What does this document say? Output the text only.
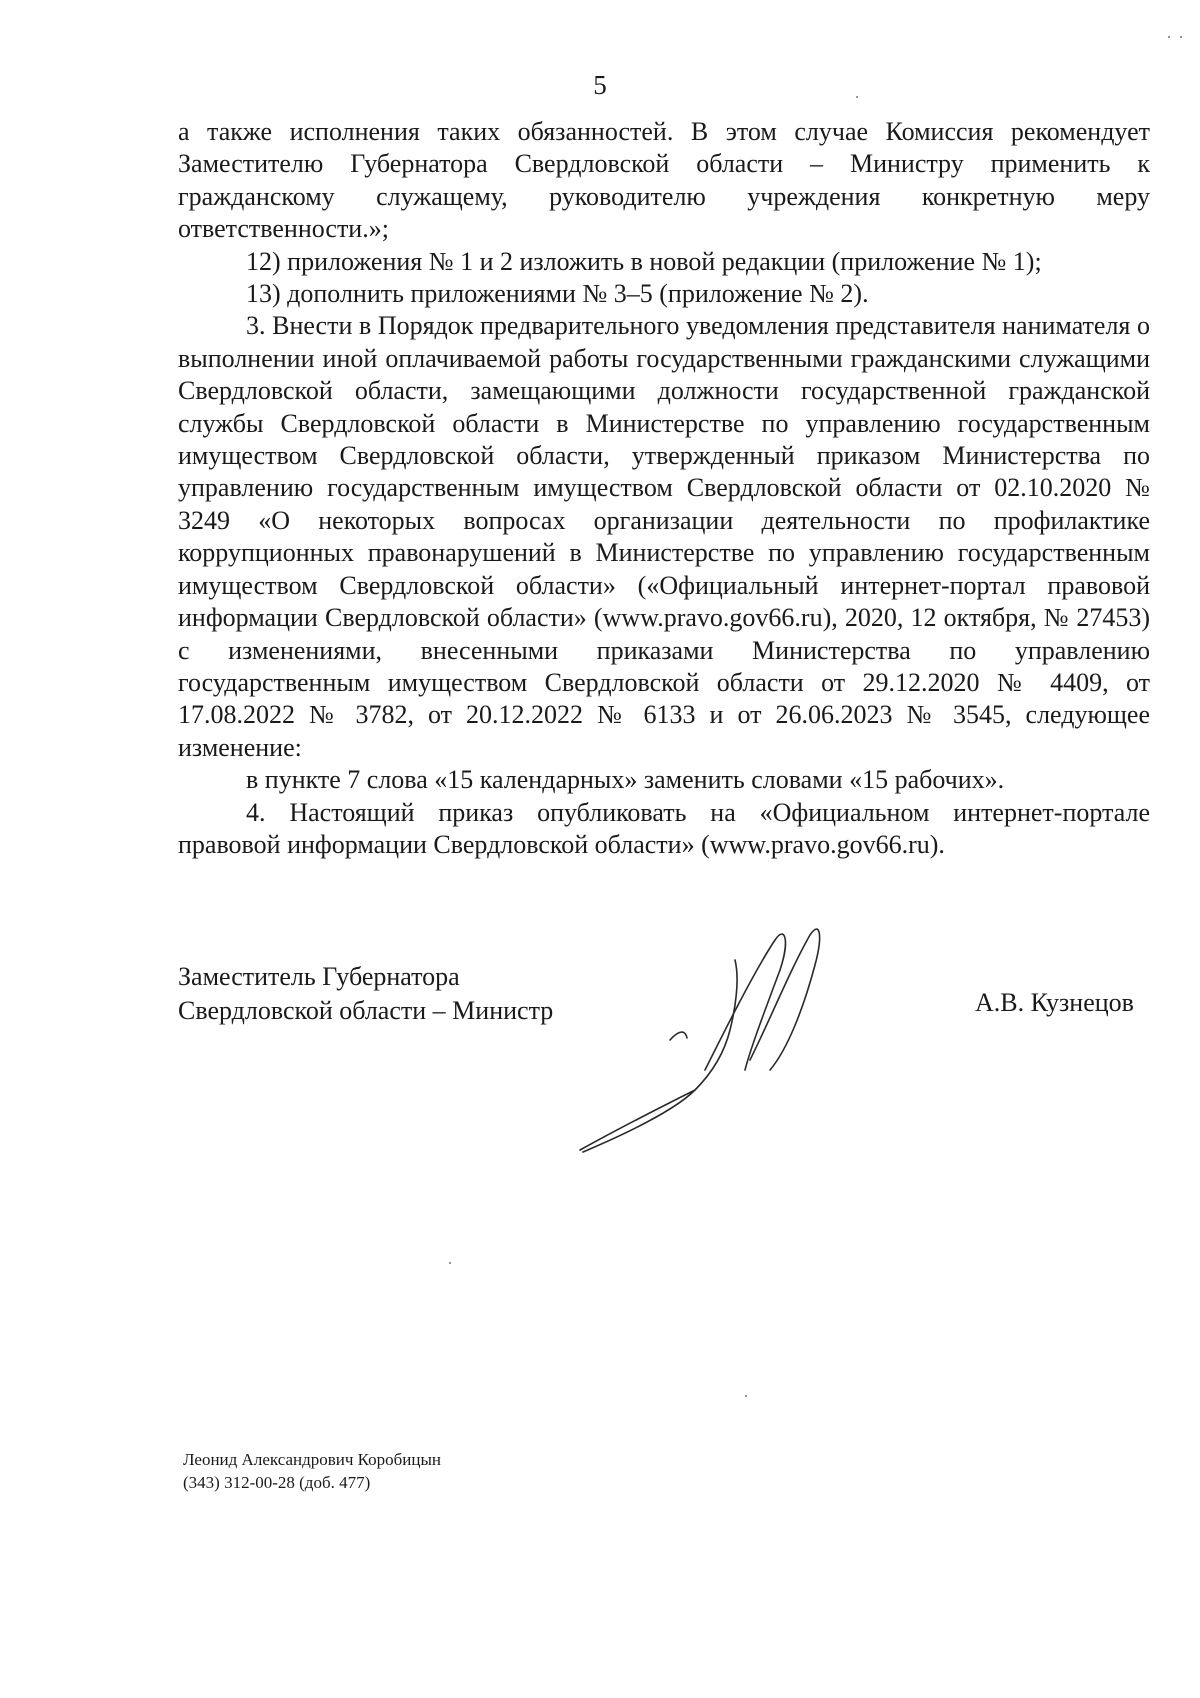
5

а также исполнения таких обязанностей. В этом случае Комиссия рекомендует Заместителю Губернатора Свердловской области – Министру применить к гражданскому служащему, руководителю учреждения конкретную меру ответственности.»;

12) приложения № 1 и 2 изложить в новой редакции (приложение № 1);

13) дополнить приложениями № 3–5 (приложение № 2).

3. Внести в Порядок предварительного уведомления представителя нанимателя о выполнении иной оплачиваемой работы государственными гражданскими служащими Свердловской области, замещающими должности государственной гражданской службы Свердловской области в Министерстве по управлению государственным имуществом Свердловской области, утвержденный приказом Министерства по управлению государственным имуществом Свердловской области от 02.10.2020 № 3249 «О некоторых вопросах организации деятельности по профилактике коррупционных правонарушений в Министерстве по управлению государственным имуществом Свердловской области» («Официальный интернет-портал правовой информации Свердловской области» (www.pravo.gov66.ru), 2020, 12 октября, № 27453) с изменениями, внесенными приказами Министерства по управлению государственным имуществом Свердловской области от 29.12.2020 № 4409, от 17.08.2022 № 3782, от 20.12.2022 № 6133 и от 26.06.2023 № 3545, следующее изменение:

в пункте 7 слова «15 календарных» заменить словами «15 рабочих».

4. Настоящий приказ опубликовать на «Официальном интернет-портале правовой информации Свердловской области» (www.pravo.gov66.ru).

Заместитель Губернатора
Свердловской области – Министр	А.В. Кузнецов
Леонид Александрович Коробицын
(343) 312-00-28 (доб. 477)
